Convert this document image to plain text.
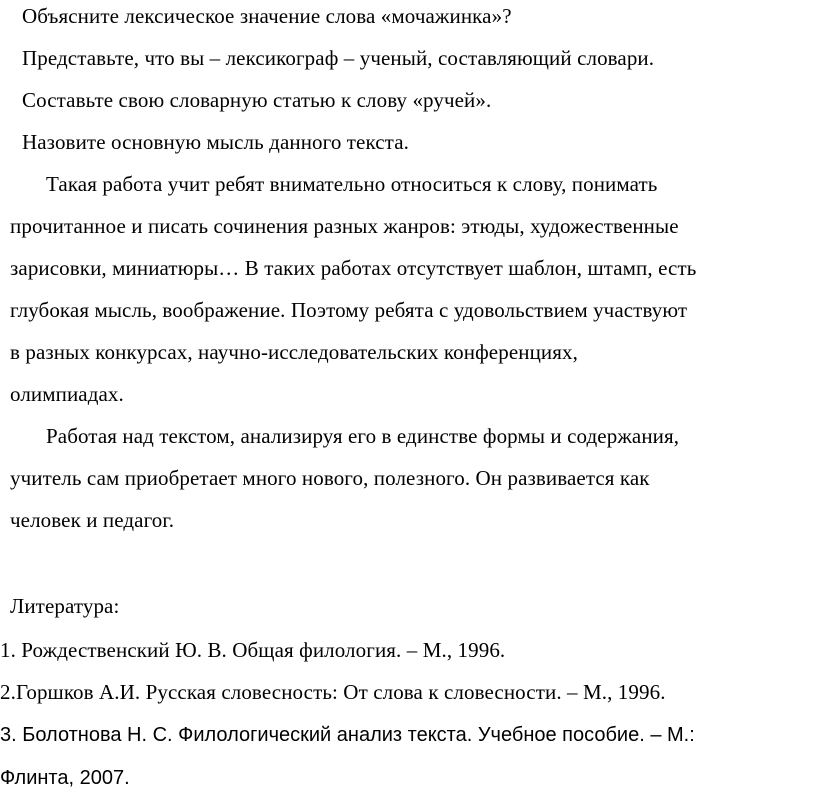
Объясните лексическое значение слова «мочажинка»?
Представьте, что вы – лексикограф – ученый, составляющий словари.
Составьте свою словарную статью к слову «ручей».
Назовите основную мысль данного текста.
Такая работа учит ребят внимательно относиться к слову, понимать
прочитанное и писать сочинения разных жанров: этюды, художественные
зарисовки, миниатюры… В таких работах отсутствует шаблон, штамп, есть
глубокая мысль, воображение. Поэтому ребята с удовольствием участвуют
в разных конкурсах, научно-исследовательских конференциях,
олимпиадах.
Работая над текстом, анализируя его в единстве формы и содержания,
учитель сам приобретает много нового, полезного. Он развивается как
человек и педагог.
Литература:
1. Рождественский Ю. В. Общая филология. – М., 1996.
2.Горшков А.И. Русская словесность: От слова к словесности. – М., 1996.
3. Болотнова Н. С. Филологический анализ текста. Учебное пособие. – М.:
Флинта, 2007.
